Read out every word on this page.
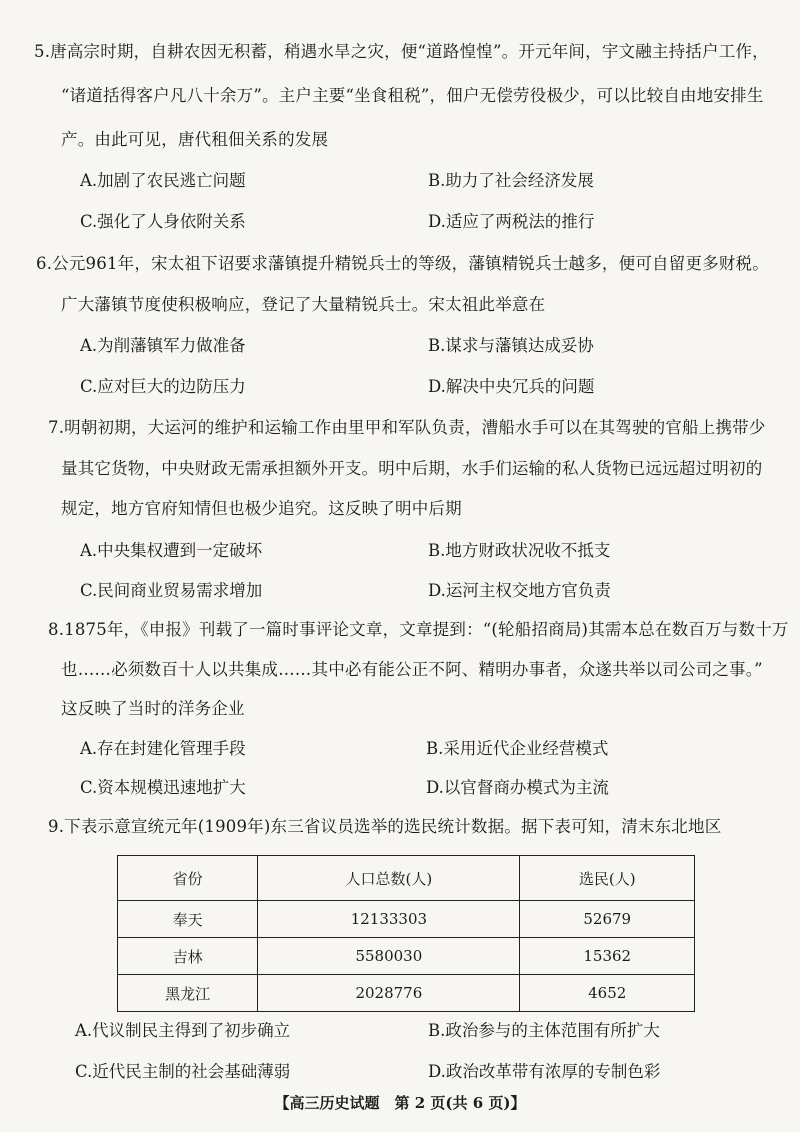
5.唐高宗时期，自耕农因无积蓄，稍遇水旱之灾，便“道路惶惶”。开元年间，宇文融主持括户工作，
“诸道括得客户凡八十余万”。主户主要“坐食租税”，佃户无偿劳役极少，可以比较自由地安排生
产。由此可见，唐代租佃关系的发展
A.加剧了农民逃亡问题	B.助力了社会经济发展
C.强化了人身依附关系	D.适应了两税法的推行
6.公元961年，宋太祖下诏要求藩镇提升精锐兵士的等级，藩镇精锐兵士越多，便可自留更多财税。
广大藩镇节度使积极响应，登记了大量精锐兵士。宋太祖此举意在
A.为削藩镇军力做准备	B.谋求与藩镇达成妥协
C.应对巨大的边防压力	D.解决中央冗兵的问题
7.明朝初期，大运河的维护和运输工作由里甲和军队负责，漕船水手可以在其驾驶的官船上携带少
量其它货物，中央财政无需承担额外开支。明中后期，水手们运输的私人货物已远远超过明初的
规定，地方官府知情但也极少追究。这反映了明中后期
A.中央集权遭到一定破坏	B.地方财政状况收不抵支
C.民间商业贸易需求增加	D.运河主权交地方官负责
8.1875年，《申报》刊载了一篇时事评论文章，文章提到：“(轮船招商局)其需本总在数百万与数十万
也……必须数百十人以共集成……其中必有能公正不阿、精明办事者，众遂共举以司公司之事。”
这反映了当时的洋务企业
A.存在封建化管理手段	B.采用近代企业经营模式
C.资本规模迅速地扩大	D.以官督商办模式为主流
9.下表示意宣统元年(1909年)东三省议员选举的选民统计数据。据下表可知，清末东北地区
省份	人口总数(人)	选民(人)
奉天	12133303	52679
吉林	5580030	15362
黑龙江	2028776	4652
A.代议制民主得到了初步确立	B.政治参与的主体范围有所扩大
C.近代民主制的社会基础薄弱	D.政治改革带有浓厚的专制色彩
【高三历史试题　第 2 页(共 6 页)】
